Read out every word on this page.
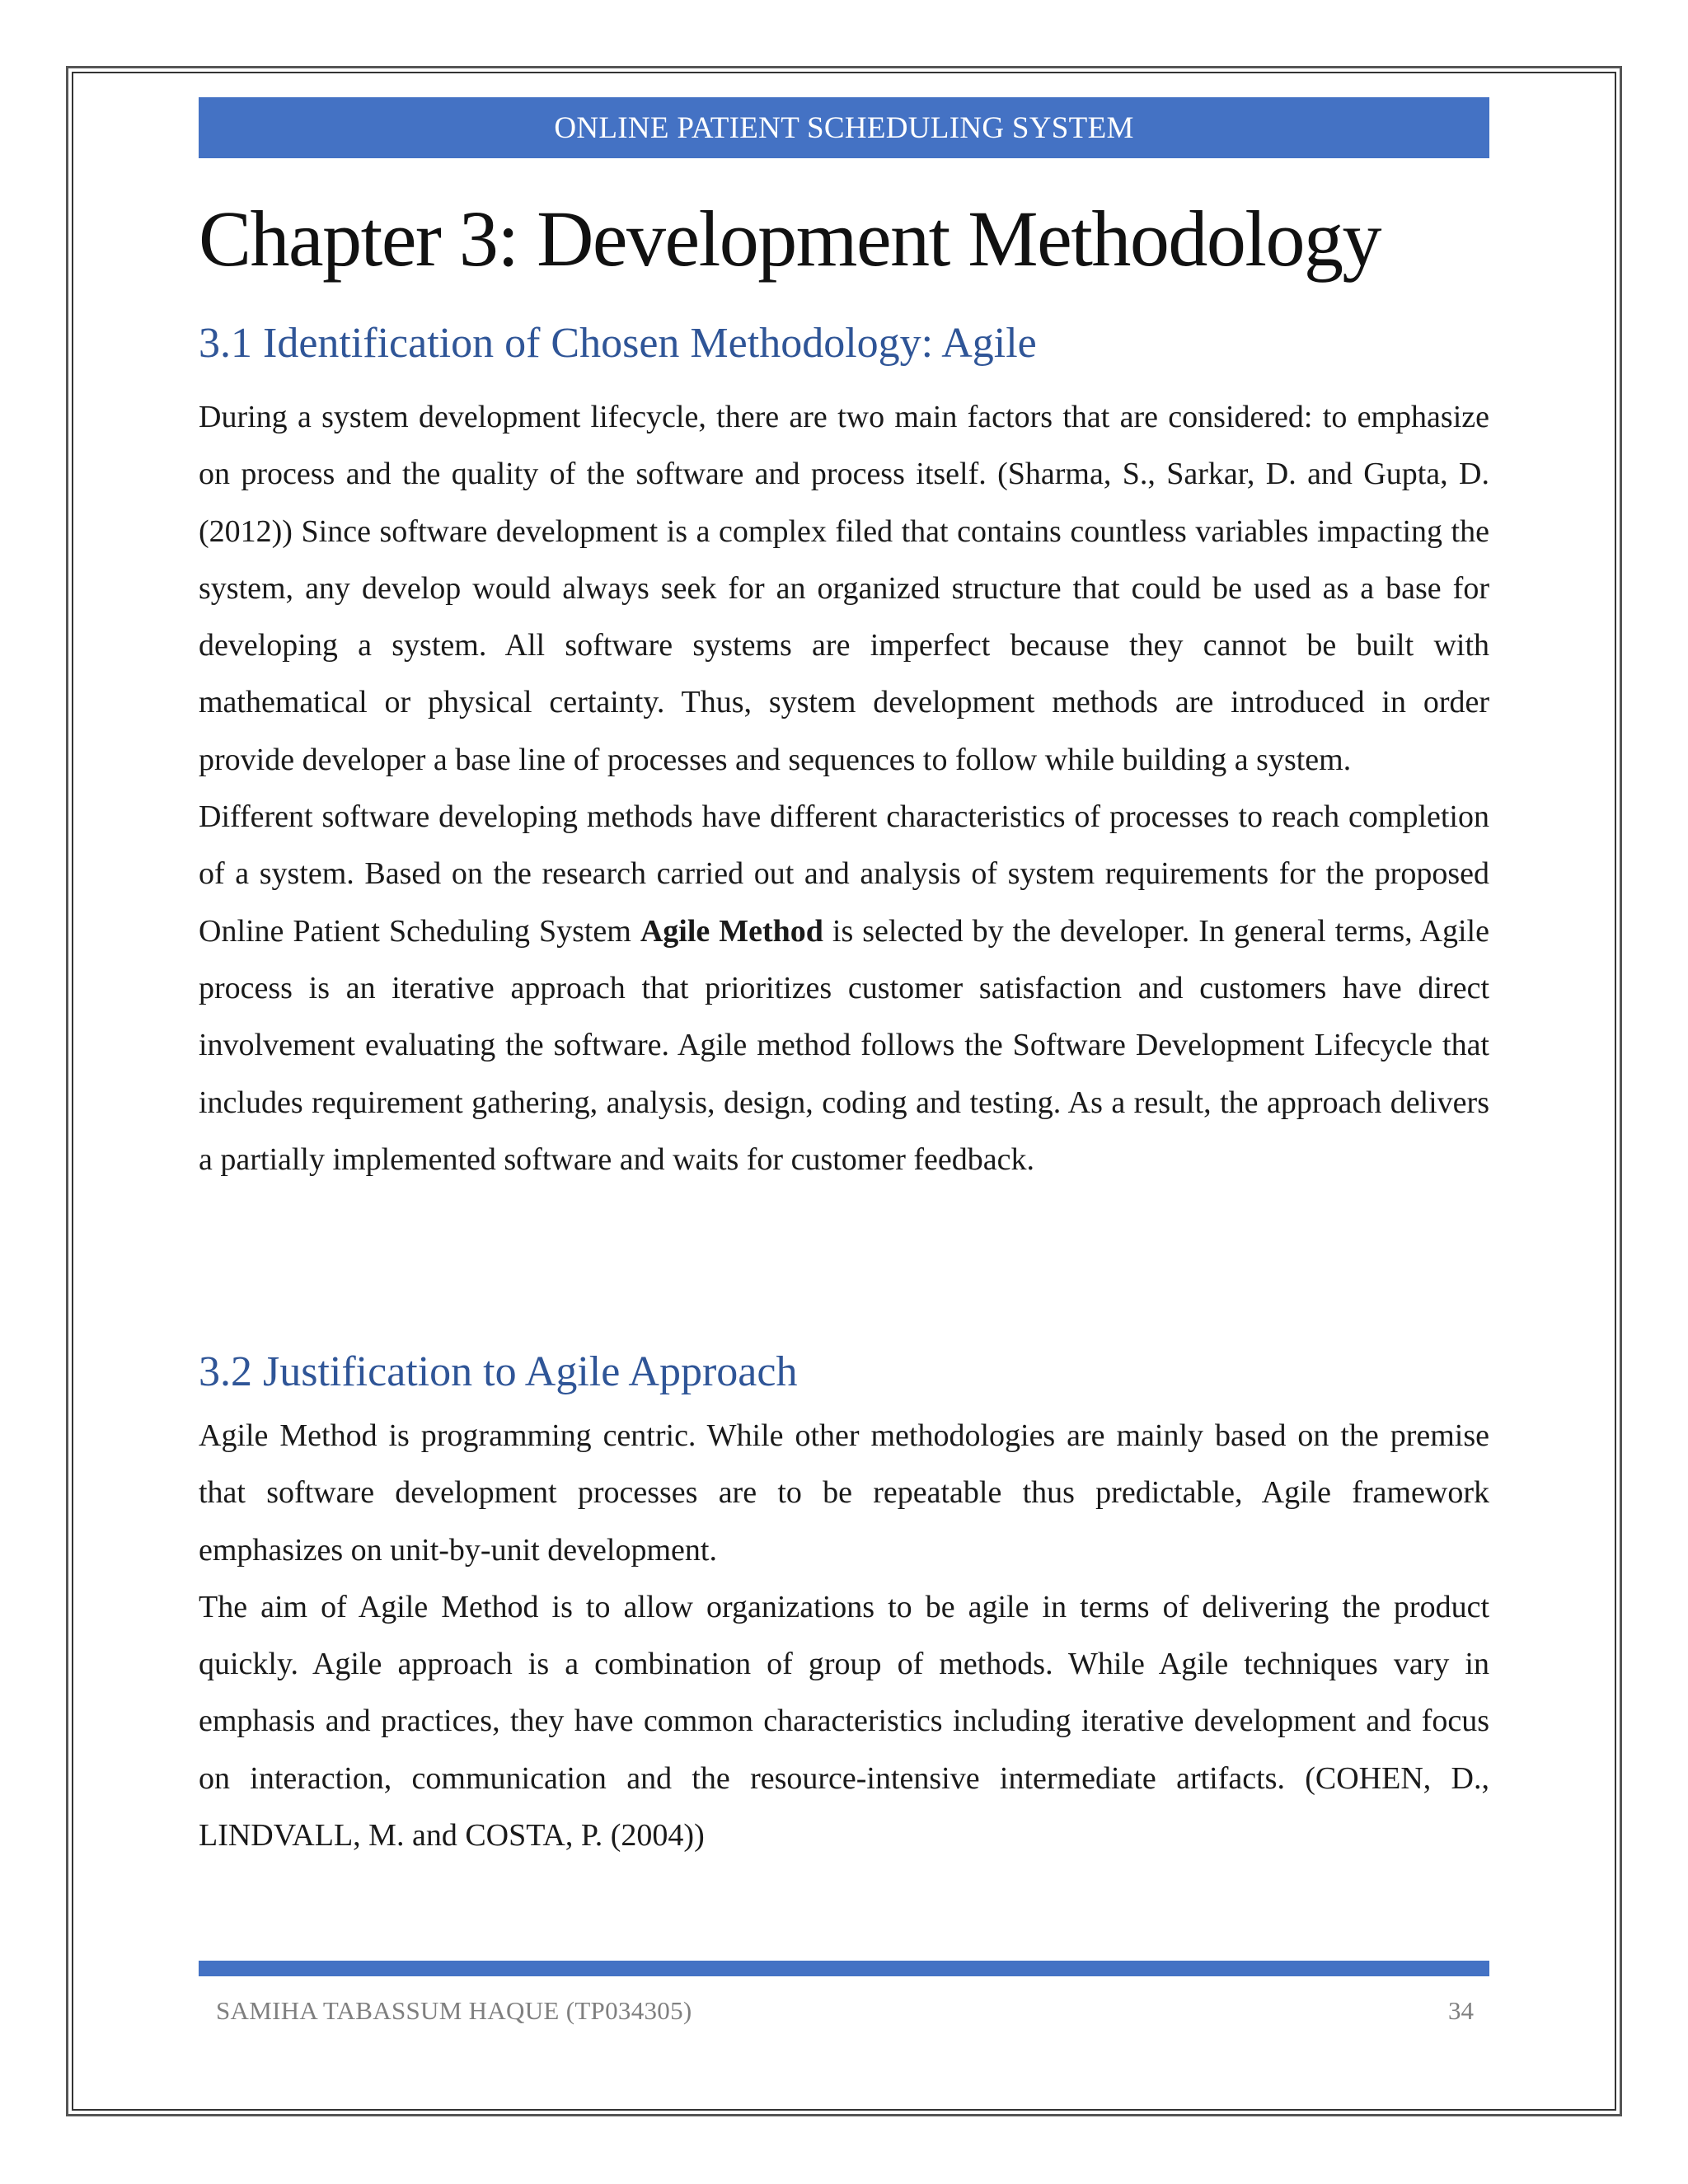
ONLINE PATIENT SCHEDULING SYSTEM
Chapter 3: Development Methodology
3.1 Identification of Chosen Methodology: Agile

During a system development lifecycle, there are two main factors that are considered: to emphasize on process and the quality of the software and process itself. (Sharma, S., Sarkar, D. and Gupta, D. (2012)) Since software development is a complex filed that contains countless variables impacting the system, any develop would always seek for an organized structure that could be used as a base for developing a system. All software systems are imperfect because they cannot be built with mathematical or physical certainty. Thus, system development methods are introduced in order provide developer a base line of processes and sequences to follow while building a system.

Different software developing methods have different characteristics of processes to reach completion of a system. Based on the research carried out and analysis of system requirements for the proposed Online Patient Scheduling System Agile Method is selected by the developer. In general terms, Agile process is an iterative approach that prioritizes customer satisfaction and customers have direct involvement evaluating the software. Agile method follows the Software Development Lifecycle that includes requirement gathering, analysis, design, coding and testing. As a result, the approach delivers a partially implemented software and waits for customer feedback.

3.2 Justification to Agile Approach

Agile Method is programming centric. While other methodologies are mainly based on the premise that software development processes are to be repeatable thus predictable, Agile framework emphasizes on unit-by-unit development.

The aim of Agile Method is to allow organizations to be agile in terms of delivering the product quickly. Agile approach is a combination of group of methods. While Agile techniques vary in emphasis and practices, they have common characteristics including iterative development and focus on interaction, communication and the resource-intensive intermediate artifacts. (COHEN, D., LINDVALL, M. and COSTA, P. (2004))

SAMIHA TABASSUM HAQUE (TP034305)	34
